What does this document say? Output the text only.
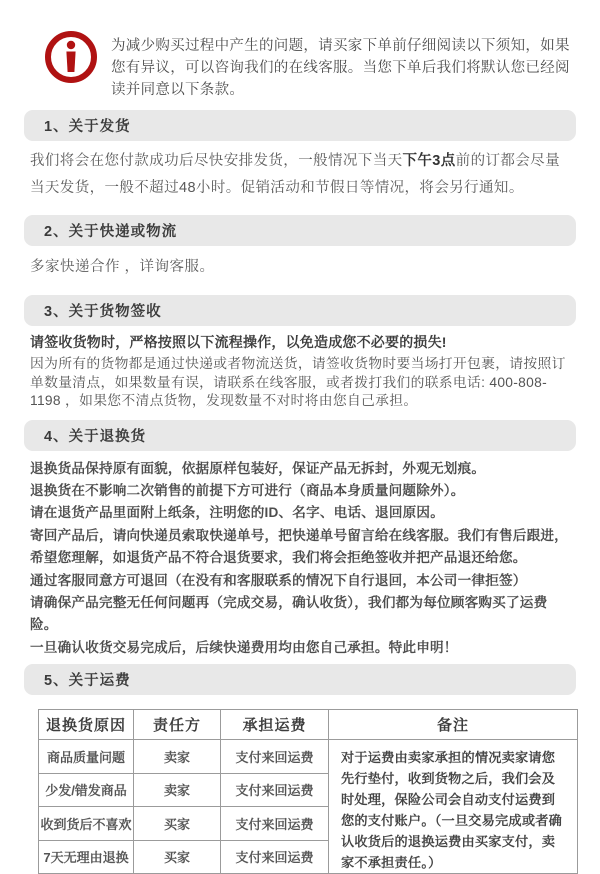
为减少购买过程中产生的问题，请买家下单前仔细阅读以下须知，如果您有异议，可以咨询我们的在线客服。当您下单后我们将默认您已经阅读并同意以下条款。

1、关于发货

我们将会在您付款成功后尽快安排发货，一般情况下当天下午3点前的订都会尽量当天发货，一般不超过48小时。促销活动和节假日等情况，将会另行通知。

2、关于快递或物流

多家快递合作 ，详询客服。

3、关于货物签收

请签收货物时，严格按照以下流程操作，以免造成您不必要的损失!

因为所有的货物都是通过快递或者物流送货，请签收货物时要当场打开包裹，请按照订单数量清点，如果数量有误，请联系在线客服，或者拨打我们的联系电话: 400-808-1198 ，如果您不清点货物，发现数量不对时将由您自己承担。

4、关于退换货

退换货品保持原有面貌，依据原样包装好，保证产品无拆封，外观无划痕。

退换货在不影响二次销售的前提下方可进行（商品本身质量问题除外）。

请在退货产品里面附上纸条，注明您的ID、名字、电话、退回原因。

寄回产品后，请向快递员索取快递单号，把快递单号留言给在线客服。我们有售后跟进，希望您理解，如退货产品不符合退货要求，我们将会拒绝签收并把产品退还给您。

通过客服同意方可退回（在没有和客服联系的情况下自行退回，本公司一律拒签）

请确保产品完整无任何问题再（完成交易，确认收货），我们都为每位顾客购买了运费险。

一旦确认收货交易完成后，后续快递费用均由您自己承担。特此申明！

5、关于运费
退换货原因	责任方	承担运费	备注
商品质量问题	卖家	支付来回运费	对于运费由卖家承担的情况卖家请您先行垫付，收到货物之后，我们会及时处理，保险公司会自动支付运费到您的支付账户。（一旦交易完成或者确认收货后的退换运费由买家支付，卖家不承担责任。）
少发/错发商品	卖家	支付来回运费	
收到货后不喜欢	买家	支付来回运费	
7天无理由退换	买家	支付来回运费	
